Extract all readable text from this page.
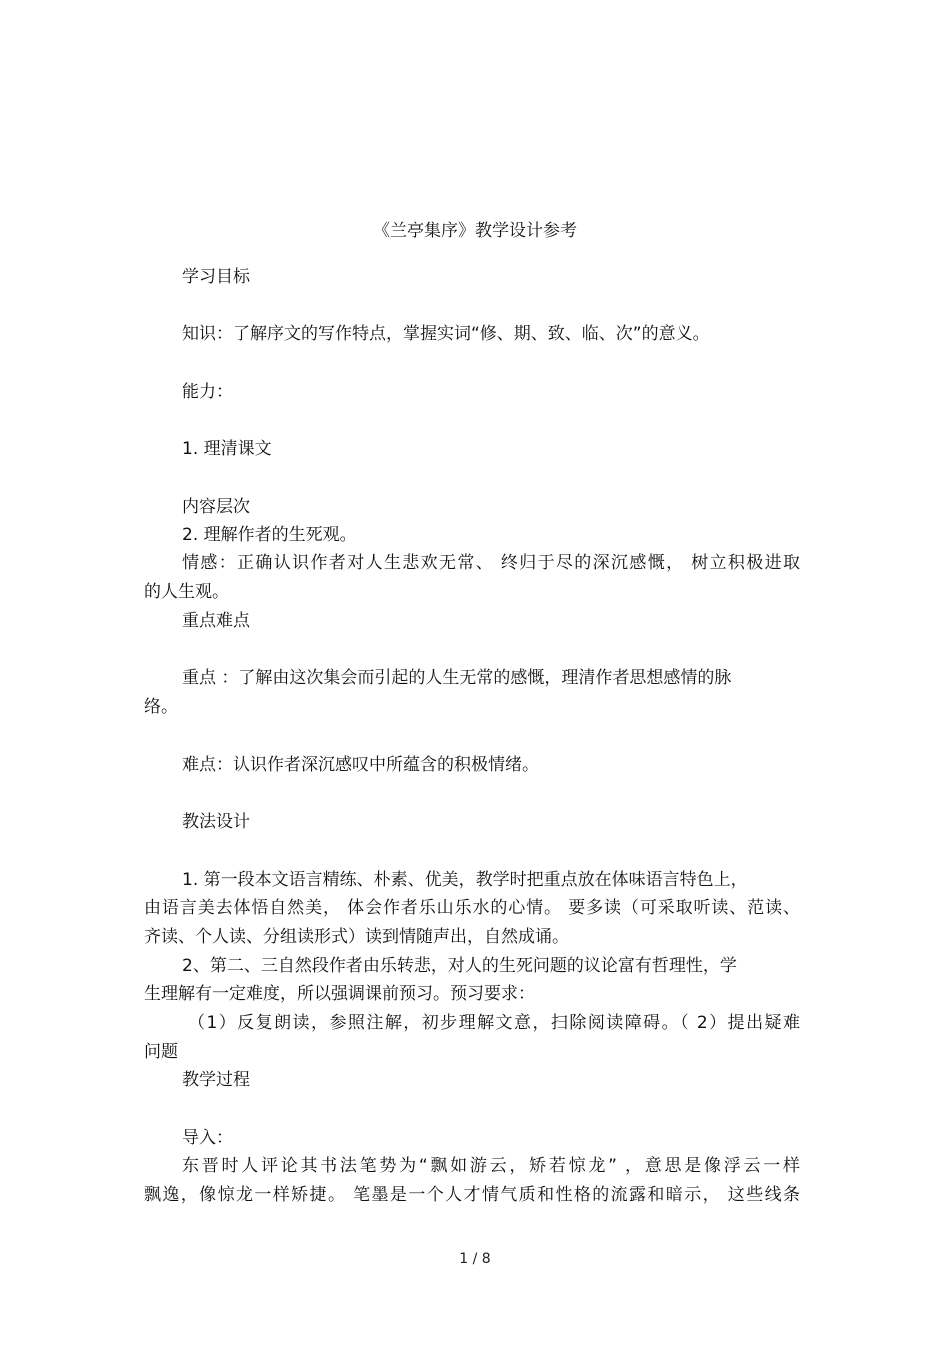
《兰亭集序》教学设计参考
学习目标
知识：了解序文的写作特点，掌握实词“修、期、致、临、次”的意义。
能力：
1. 理清课文
内容层次
2. 理解作者的生死观。
情感：正确认识作者对人生悲欢无常、 终归于尽的深沉感慨， 树立积极进取
的人生观。
重点难点
重点 ：了解由这次集会而引起的人生无常的感慨，理清作者思想感情的脉
络。
难点：认识作者深沉感叹中所蕴含的积极情绪。
教法设计
1. 第一段本文语言精练、朴素、优美，教学时把重点放在体味语言特色上，
由语言美去体悟自然美， 体会作者乐山乐水的心情。 要多读（可采取听读、范读、
齐读、个人读、分组读形式）读到情随声出，自然成诵。
2、第二、三自然段作者由乐转悲，对人的生死问题的议论富有哲理性，学
生理解有一定难度，所以强调课前预习。预习要求：
（1）反复朗读，参照注解，初步理解文意，扫除阅读障碍。（ 2）提出疑难
问题
教学过程
导入：
东晋时人评论其书法笔势为“飘如游云，矫若惊龙” ，意思是像浮云一样
飘逸，像惊龙一样矫捷。 笔墨是一个人才情气质和性格的流露和暗示， 这些线条
1 / 8
